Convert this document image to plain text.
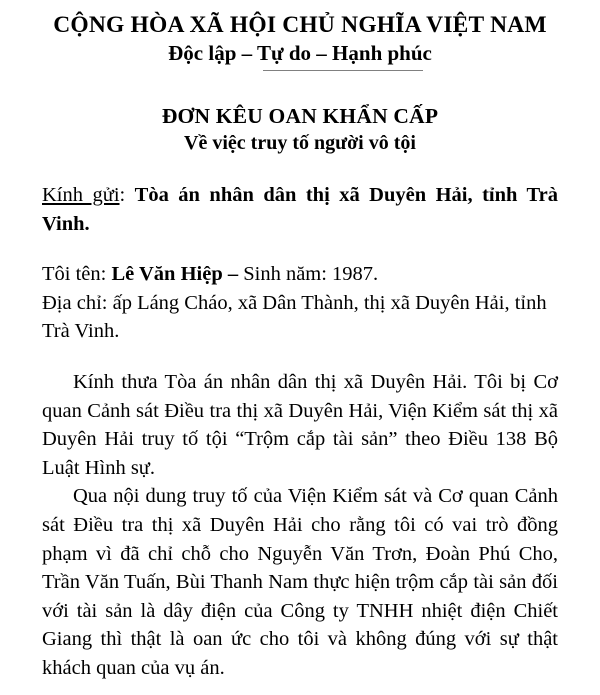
CỘNG HÒA XÃ HỘI CHỦ NGHĨA VIỆT NAM
Độc lập – Tự do – Hạnh phúc
ĐƠN KÊU OAN KHẨN CẤP
Về việc truy tố người vô tội

Kính gửi: Tòa án nhân dân thị xã Duyên Hải, tỉnh Trà Vinh.

Tôi tên: Lê Văn Hiệp – Sinh năm: 1987.

Địa chỉ: ấp Láng Cháo, xã Dân Thành, thị xã Duyên Hải, tỉnh Trà Vinh.

Kính thưa Tòa án nhân dân thị xã Duyên Hải. Tôi bị Cơ quan Cảnh sát Điều tra thị xã Duyên Hải, Viện Kiểm sát thị xã Duyên Hải truy tố tội “Trộm cắp tài sản” theo Điều 138 Bộ Luật Hình sự.

Qua nội dung truy tố của Viện Kiểm sát và Cơ quan Cảnh sát Điều tra thị xã Duyên Hải cho rằng tôi có vai trò đồng phạm vì đã chỉ chỗ cho Nguyễn Văn Trơn, Đoàn Phú Cho, Trần Văn Tuấn, Bùi Thanh Nam thực hiện trộm cắp tài sản đối với tài sản là dây điện của Công ty TNHH nhiệt điện Chiết Giang thì thật là oan ức cho tôi và không đúng với sự thật khách quan của vụ án.
